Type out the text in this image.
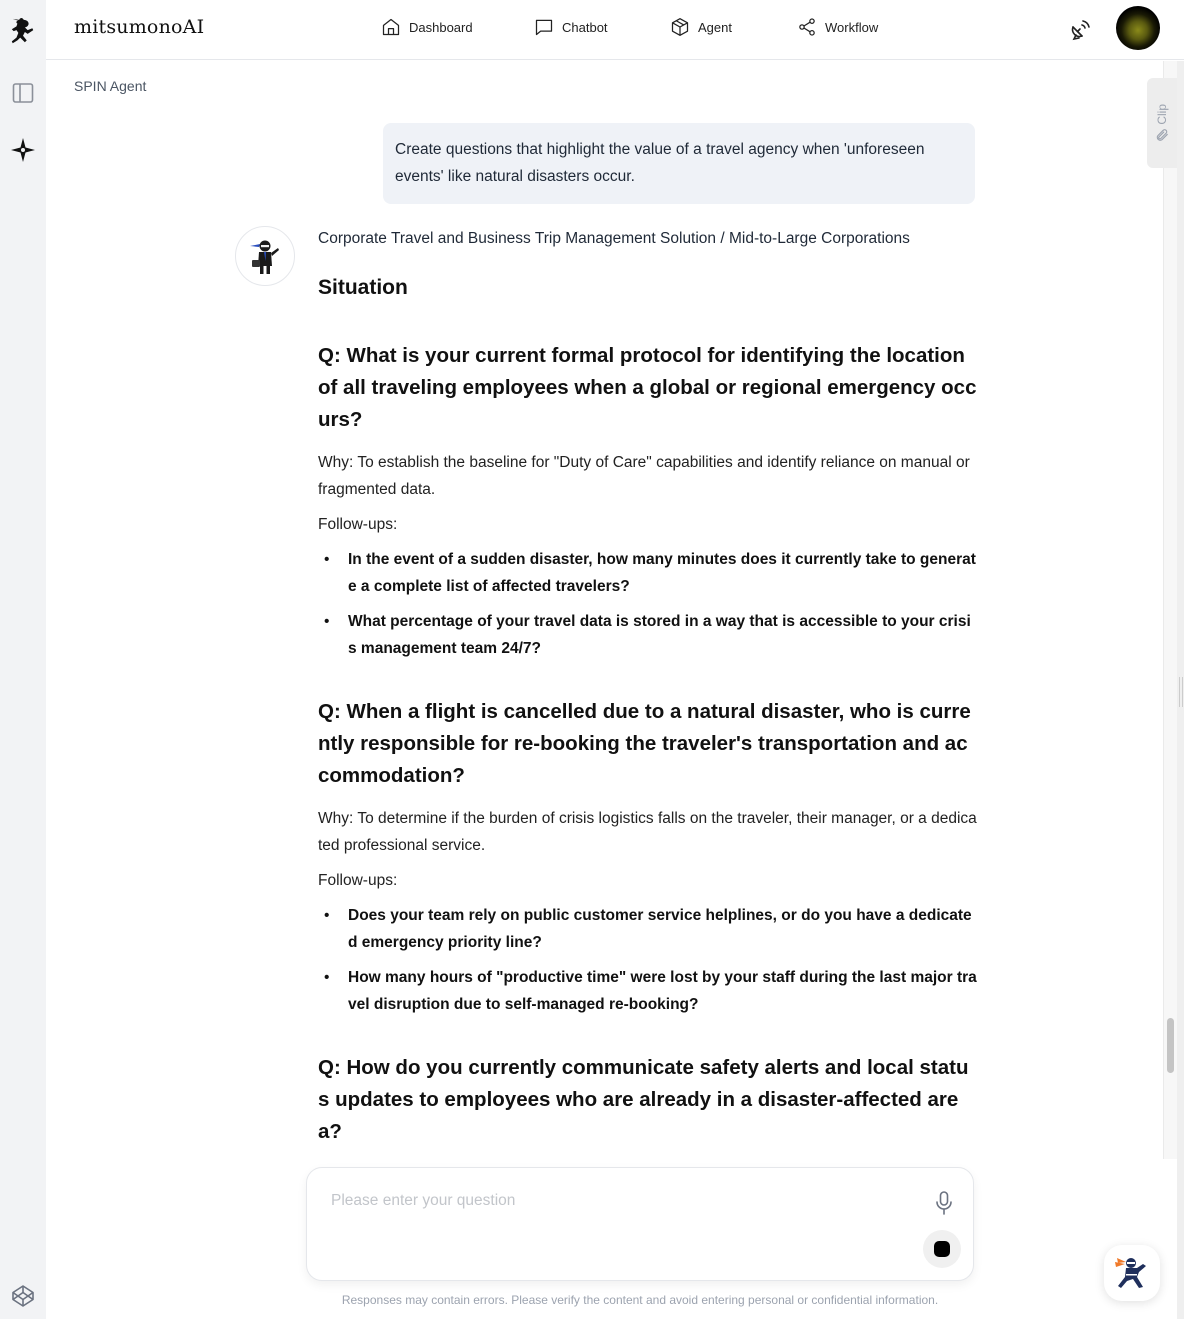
mitsumonoAI	Dashboard	Chatbot	Agent	Workflow
SPIN Agent
Create questions that highlight the value of a travel agency when 'unforeseen events' like natural disasters occur.
Corporate Travel and Business Trip Management Solution / Mid-to-Large Corporations
Situation
Q: What is your current formal protocol for identifying the location of all traveling employees when a global or regional emergency occurs?
Why: To establish the baseline for "Duty of Care" capabilities and identify reliance on manual or fragmented data.
Follow-ups:
• In the event of a sudden disaster, how many minutes does it currently take to generate a complete list of affected travelers?
• What percentage of your travel data is stored in a way that is accessible to your crisis management team 24/7?
Q: When a flight is cancelled due to a natural disaster, who is currently responsible for re-booking the traveler's transportation and accommodation?
Why: To determine if the burden of crisis logistics falls on the traveler, their manager, or a dedicated professional service.
Follow-ups:
• Does your team rely on public customer service helplines, or do you have a dedicated emergency priority line?
• How many hours of "productive time" were lost by your staff during the last major travel disruption due to self-managed re-booking?
Q: How do you currently communicate safety alerts and local status updates to employees who are already in a disaster-affected area?
Clip
Please enter your question
Responses may contain errors. Please verify the content and avoid entering personal or confidential information.
